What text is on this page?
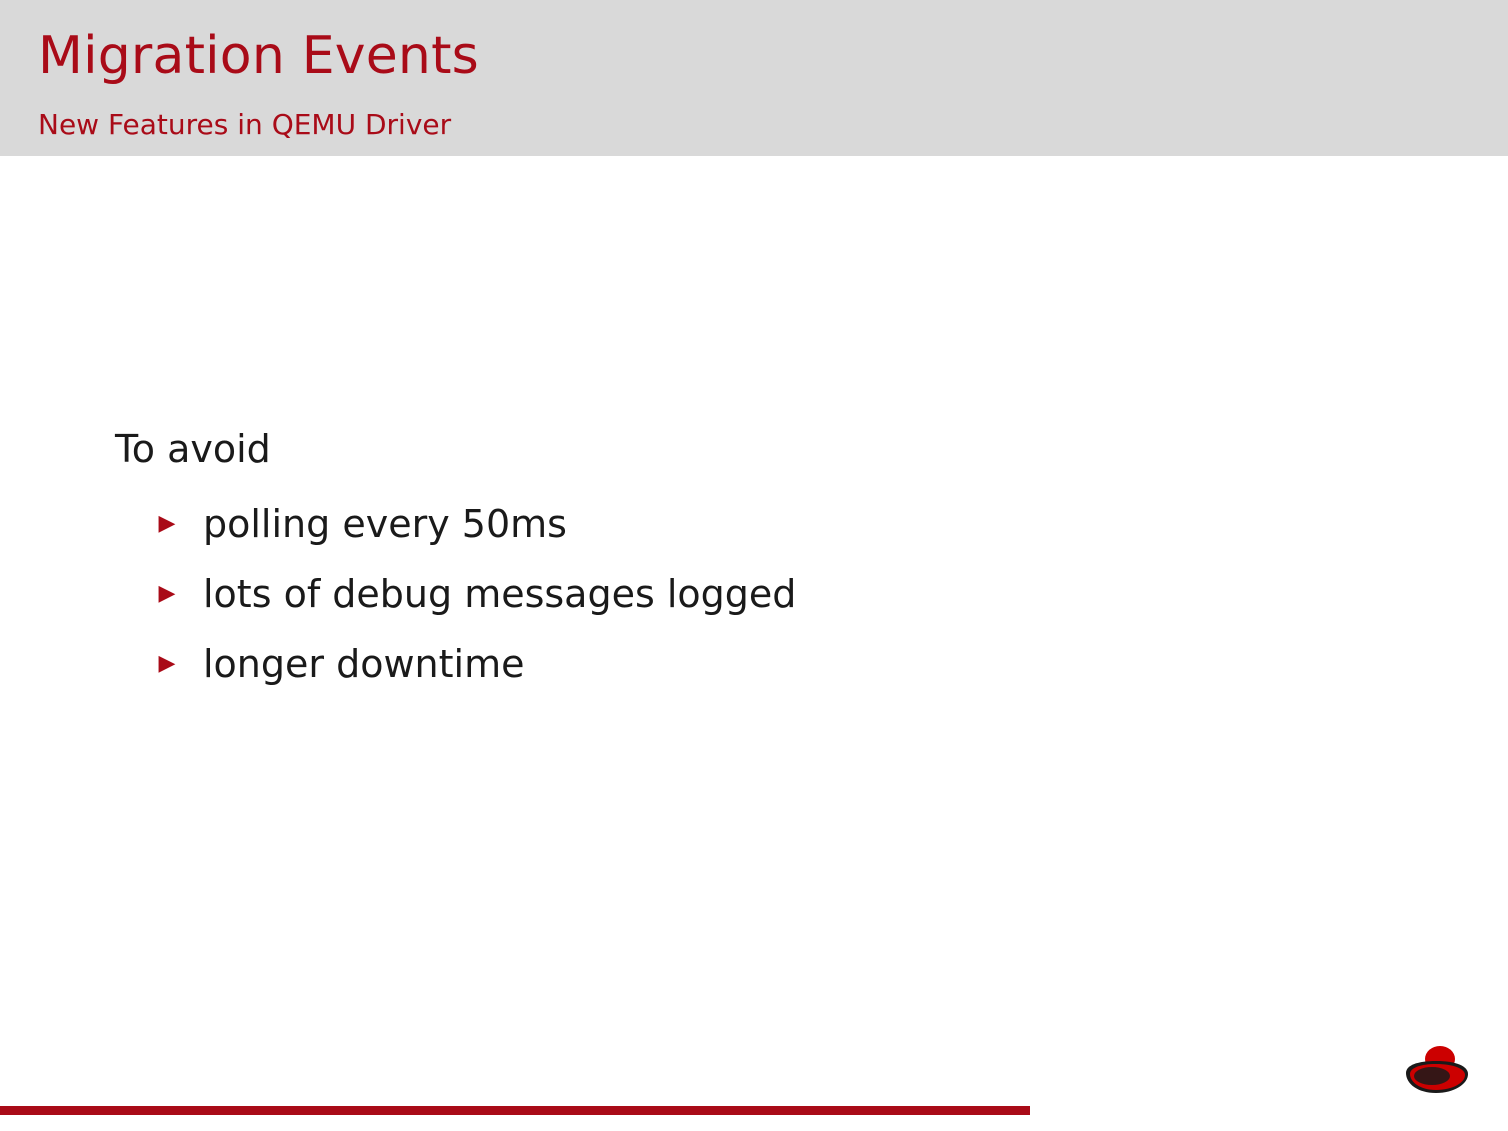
Migration Events
New Features in QEMU Driver
To avoid
▶ polling every 50ms
▶ lots of debug messages logged
▶ longer downtime
